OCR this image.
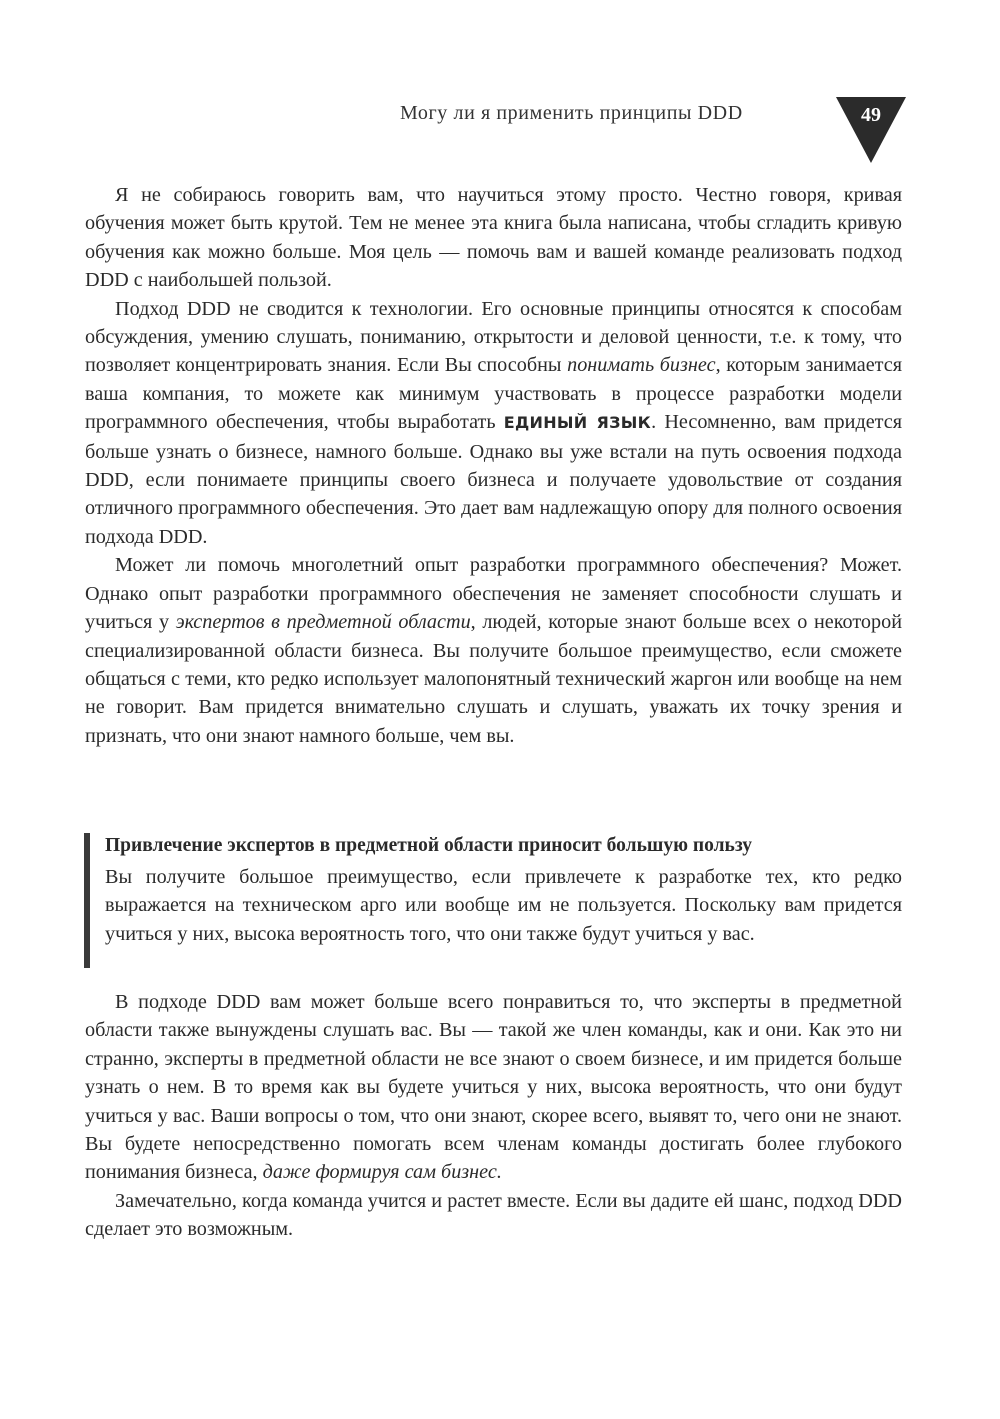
Могу ли я применить принципы DDD	49

Я не собираюсь говорить вам, что научиться этому просто. Честно говоря, кривая обучения может быть крутой. Тем не менее эта книга была написана, чтобы сгладить кривую обучения как можно больше. Моя цель — помочь вам и вашей команде реализовать подход DDD с наибольшей пользой.

Подход DDD не сводится к технологии. Его основные принципы относятся к способам обсуждения, умению слушать, пониманию, открытости и деловой ценности, т.е. к тому, что позволяет концентрировать знания. Если Вы способны понимать бизнес, которым занимается ваша компания, то можете как минимум участвовать в процессе разработки модели программного обеспечения, чтобы выработать ЕДИНЫЙ ЯЗЫК. Несомненно, вам придется больше узнать о бизнесе, намного больше. Однако вы уже встали на путь освоения подхода DDD, если понимаете принципы своего бизнеса и получаете удовольствие от создания отличного программного обеспечения. Это дает вам надлежащую опору для полного освоения подхода DDD.

Может ли помочь многолетний опыт разработки программного обеспечения? Может. Однако опыт разработки программного обеспечения не заменяет способности слушать и учиться у экспертов в предметной области, людей, которые знают больше всех о некоторой специализированной области бизнеса. Вы получите большое преимущество, если сможете общаться с теми, кто редко использует малопонятный технический жаргон или вообще на нем не говорит. Вам придется внимательно слушать и слушать, уважать их точку зрения и признать, что они знают намного больше, чем вы.

Привлечение экспертов в предметной области приносит большую пользу
Вы получите большое преимущество, если привлечете к разработке тех, кто редко выражается на техническом арго или вообще им не пользуется. Поскольку вам придется учиться у них, высока вероятность того, что они также будут учиться у вас.

В подходе DDD вам может больше всего понравиться то, что эксперты в предметной области также вынуждены слушать вас. Вы — такой же член команды, как и они. Как это ни странно, эксперты в предметной области не все знают о своем бизнесе, и им придется больше узнать о нем. В то время как вы будете учиться у них, высока вероятность, что они будут учиться у вас. Ваши вопросы о том, что они знают, скорее всего, выявят то, чего они не знают. Вы будете непосредственно помогать всем членам команды достигать более глубокого понимания бизнеса, даже формируя сам бизнес.

Замечательно, когда команда учится и растет вместе. Если вы дадите ей шанс, подход DDD сделает это возможным.
